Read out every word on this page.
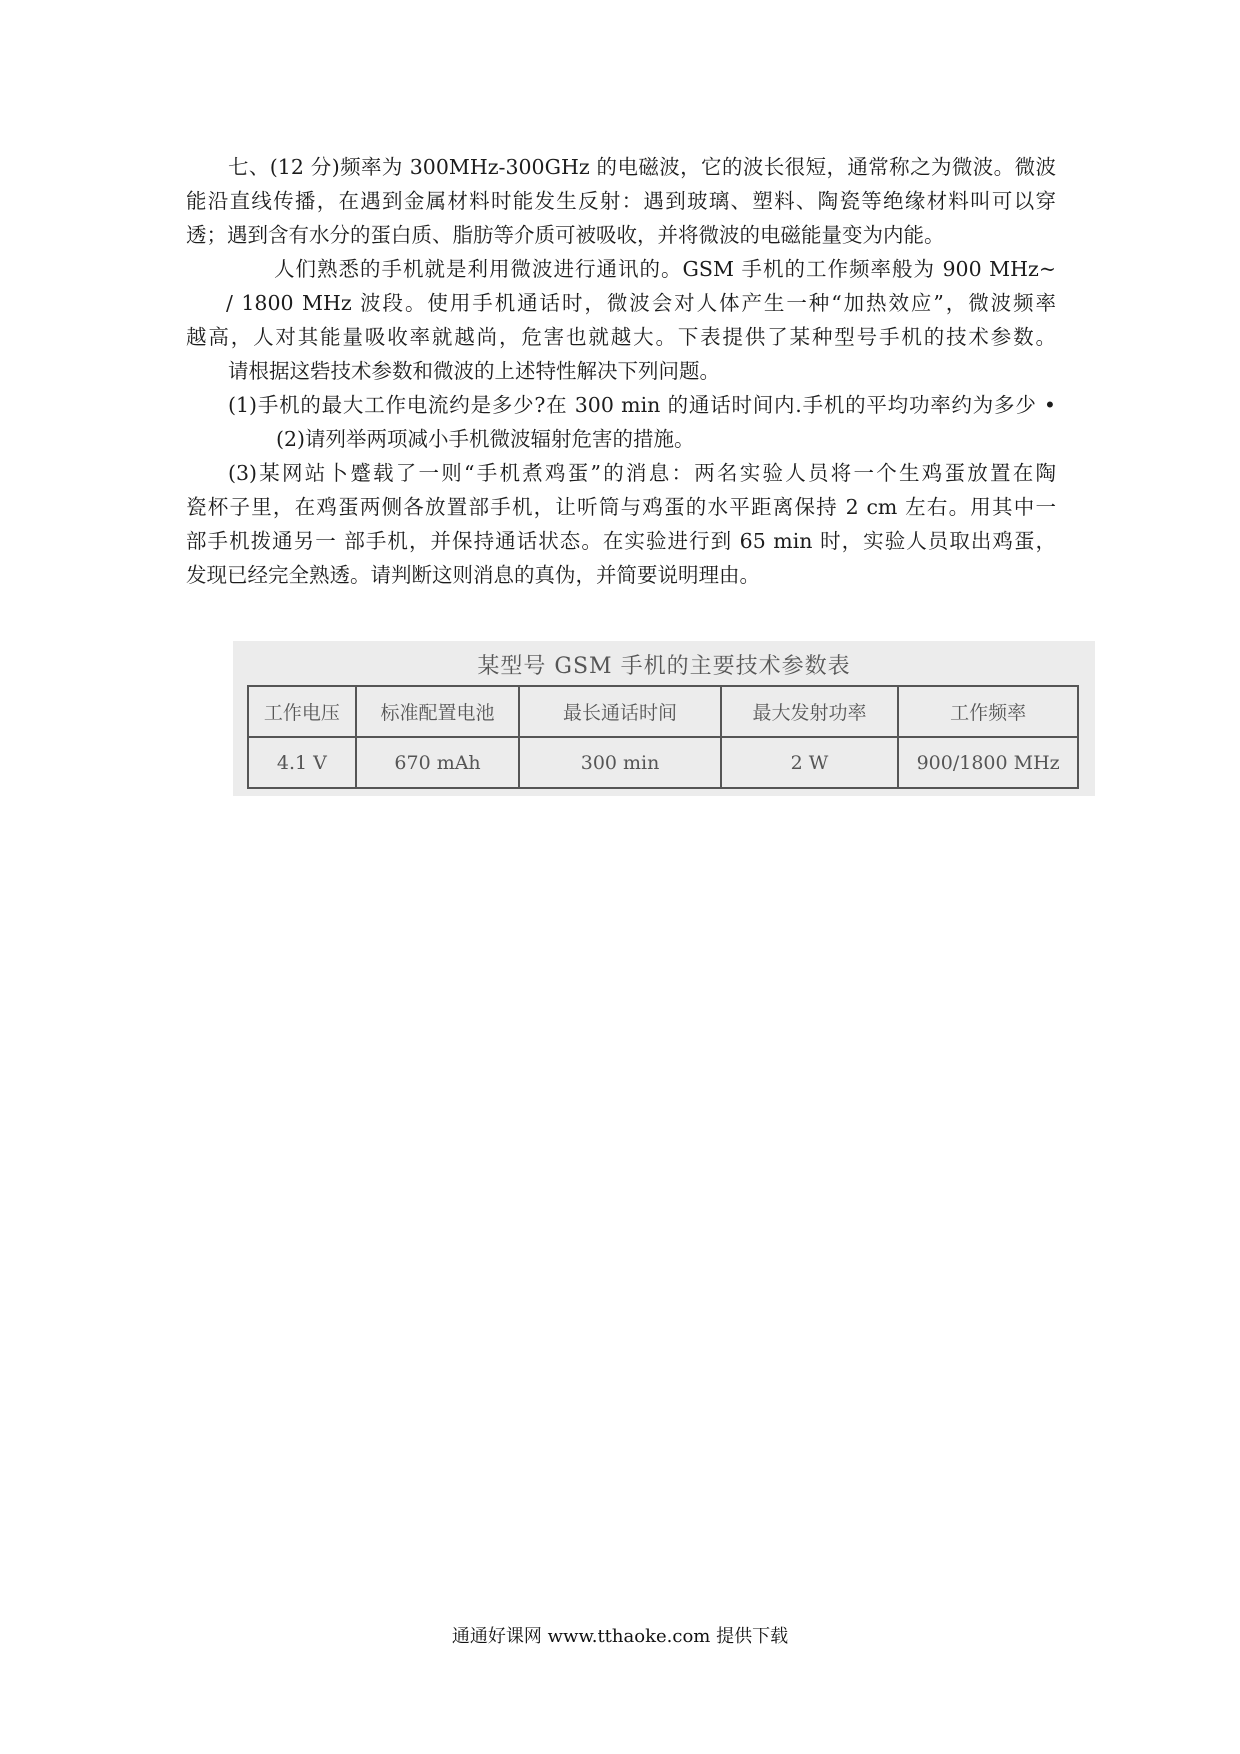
七、(12 分)频率为 300MHz-300GHz 的电磁波，它的波长很短，通常称之为微波。微波
能沿直线传播，在遇到金属材料时能发生反射：遇到玻璃、塑料、陶瓷等绝缘材料叫可以穿
透；遇到含有水分的蛋白质、脂肪等介质可被吸收，并将微波的电磁能量变为内能。
人们熟悉的手机就是利用微波进行通讯的。GSM 手机的工作频率般为 900 MHz~
/ 1800 MHz 波段。使用手机通话时，微波会对人体产生一种“加热效应”，微波频率
越高，人对其能量吸收率就越尚，危害也就越大。下表提供了某种型号手机的技术参数。
请根据这砦技术参数和微波的上述特性解决下列问题。
(1)手机的最大工作电流约是多少?在 300 min 的通话时间内.手机的平均功率约为多少 •
(2)请列举两项减小手机微波辐射危害的措施。
(3)某网站卜蹙载了一则“手机煮鸡蛋”的消息：两名实验人员将一个生鸡蛋放置在陶
瓷杯子里，在鸡蛋两侧各放置部手机，让听筒与鸡蛋的水平距离保持 2 cm 左右。用其中一
部手机拨通另一 部手机，并保持通话状态。在实验进行到 65 min 时，实验人员取出鸡蛋，
发现已经完全熟透。请判断这则消息的真伪，并简要说明理由。
某型号 GSM 手机的主要技术参数表
工作电压	标准配置电池	最长通话时间	最大发射功率	工作频率
4.1 V	670 mAh	300 min	2 W	900/1800 MHz
通通好课网 www.tthaoke.com 提供下载
